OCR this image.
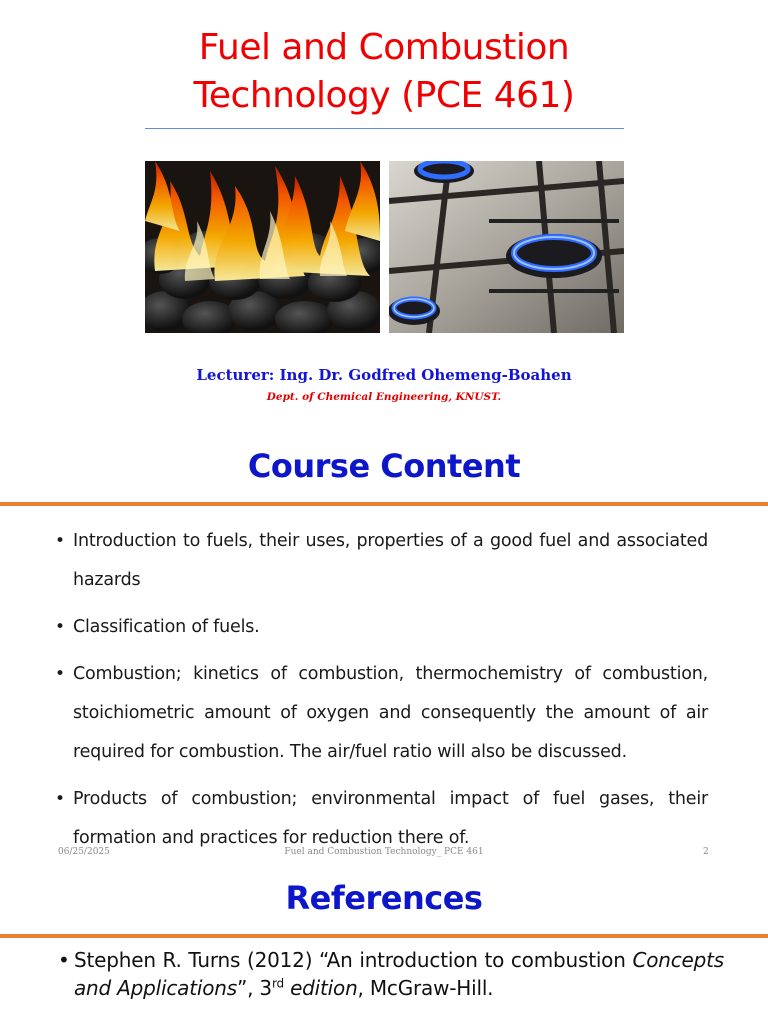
Fuel and Combustion
Technology (PCE 461)
Lecturer: Ing. Dr. Godfred Ohemeng-Boahen
Dept. of Chemical Engineering, KNUST.
Course Content
• Introduction to fuels, their uses, properties of a good fuel and associated hazards
• Classification of fuels.
• Combustion; kinetics of combustion, thermochemistry of combustion, stoichiometric amount of oxygen and consequently the amount of air required for combustion. The air/fuel ratio will also be discussed.
• Products of combustion; environmental impact of fuel gases, their formation and practices for reduction there of.
06/25/2025	Fuel and Combustion Technology_ PCE 461	2
References
• Stephen R. Turns (2012) “An introduction to combustion Concepts and Applications”, 3rd edition, McGraw-Hill.
